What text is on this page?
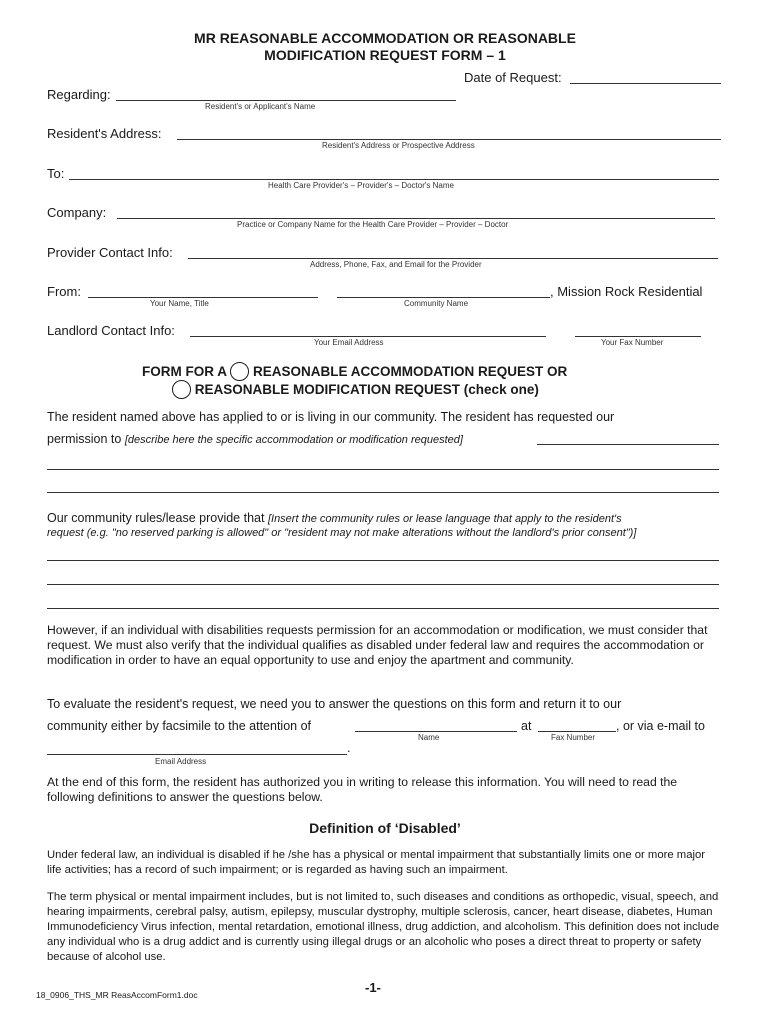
MR REASONABLE ACCOMMODATION OR REASONABLE
MODIFICATION REQUEST FORM – 1
Date of Request:
Regarding:
Resident's or Applicant's Name
Resident's Address:
Resident's Address or Prospective Address
To:
Health Care Provider's – Provider's – Doctor's Name
Company:
Practice or Company Name for the Health Care Provider – Provider – Doctor
Provider Contact Info:
Address, Phone, Fax, and Email for the Provider
From:
Your Name, Title	Community Name
, Mission Rock Residential
Landlord Contact Info:
Your Email Address	Your Fax Number
FORM FOR A REASONABLE ACCOMMODATION REQUEST OR
REASONABLE MODIFICATION REQUEST (check one)
The resident named above has applied to or is living in our community. The resident has requested our
permission to [describe here the specific accommodation or modification requested]
Our community rules/lease provide that [Insert the community rules or lease language that apply to the resident's
request (e.g. "no reserved parking is allowed" or "resident may not make alterations without the landlord's prior consent")]
However, if an individual with disabilities requests permission for an accommodation or modification, we must consider that request. We must also verify that the individual qualifies as disabled under federal law and requires the accommodation or modification in order to have an equal opportunity to use and enjoy the apartment and community.
To evaluate the resident's request, we need you to answer the questions on this form and return it to our
community either by facsimile to the attention of
Name
at
Fax Number
, or via e-mail to
.
Email Address
At the end of this form, the resident has authorized you in writing to release this information. You will need to read the following definitions to answer the questions below.
Definition of ‘Disabled’
Under federal law, an individual is disabled if he /she has a physical or mental impairment that substantially limits one or more major life activities; has a record of such impairment; or is regarded as having such an impairment.
The term physical or mental impairment includes, but is not limited to, such diseases and conditions as orthopedic, visual, speech, and hearing impairments, cerebral palsy, autism, epilepsy, muscular dystrophy, multiple sclerosis, cancer, heart disease, diabetes, Human Immunodeficiency Virus infection, mental retardation, emotional illness, drug addiction, and alcoholism. This definition does not include any individual who is a drug addict and is currently using illegal drugs or an alcoholic who poses a direct threat to property or safety because of alcohol use.
18_0906_THS_MR ReasAccomForm1.doc	-1-
